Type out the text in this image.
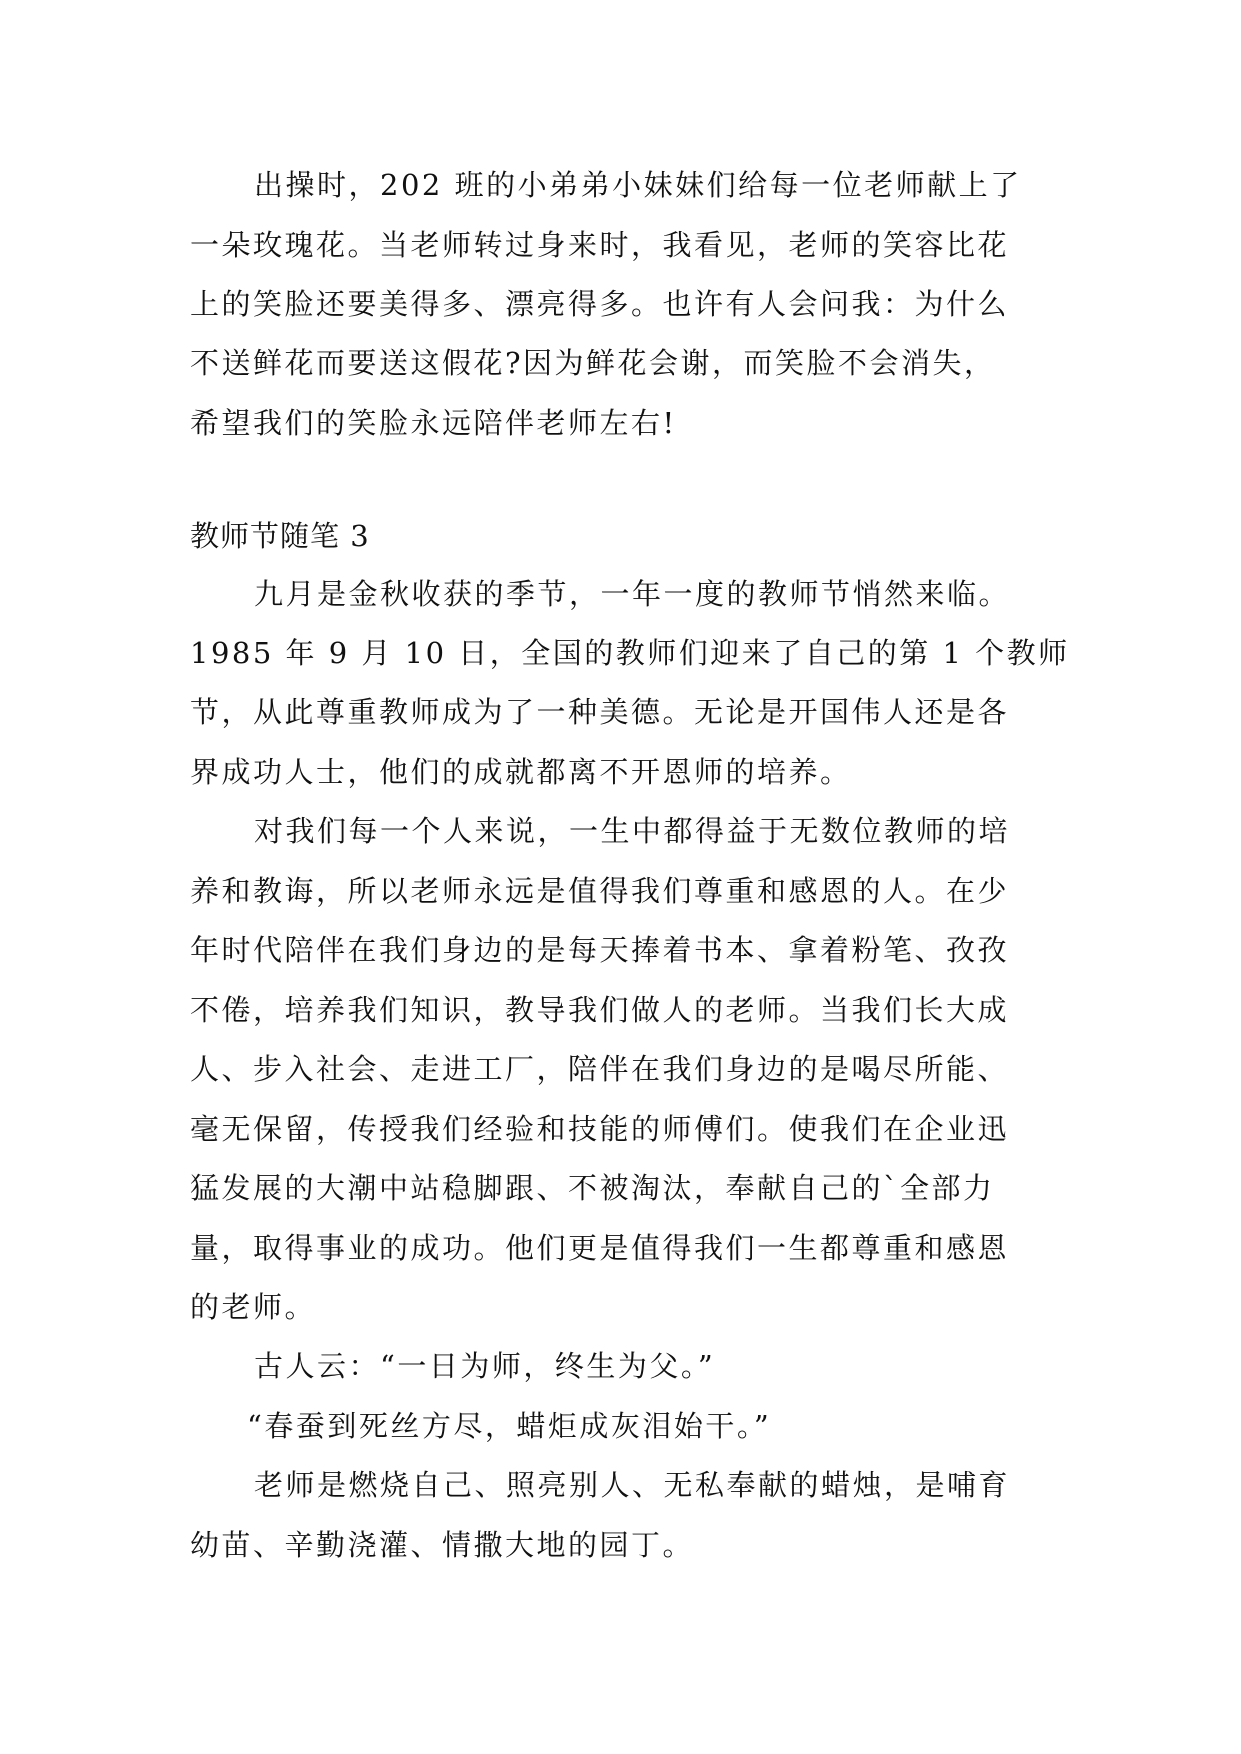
出操时，202 班的小弟弟小妹妹们给每一位老师献上了
一朵玫瑰花。当老师转过身来时，我看见，老师的笑容比花
上的笑脸还要美得多、漂亮得多。也许有人会问我：为什么
不送鲜花而要送这假花?因为鲜花会谢，而笑脸不会消失，
希望我们的笑脸永远陪伴老师左右!
教师节随笔 3
九月是金秋收获的季节，一年一度的教师节悄然来临。
1985 年 9 月 10 日，全国的教师们迎来了自己的第 1 个教师
节，从此尊重教师成为了一种美德。无论是开国伟人还是各
界成功人士，他们的成就都离不开恩师的培养。
对我们每一个人来说，一生中都得益于无数位教师的培
养和教诲，所以老师永远是值得我们尊重和感恩的人。在少
年时代陪伴在我们身边的是每天捧着书本、拿着粉笔、孜孜
不倦，培养我们知识，教导我们做人的老师。当我们长大成
人、步入社会、走进工厂，陪伴在我们身边的是喝尽所能、
毫无保留，传授我们经验和技能的师傅们。使我们在企业迅
猛发展的大潮中站稳脚跟、不被淘汰，奉献自己的`全部力
量，取得事业的成功。他们更是值得我们一生都尊重和感恩
的老师。
古人云：“一日为师，终生为父。”
“春蚕到死丝方尽，蜡炬成灰泪始干。”
老师是燃烧自己、照亮别人、无私奉献的蜡烛，是哺育
幼苗、辛勤浇灌、情撒大地的园丁。
